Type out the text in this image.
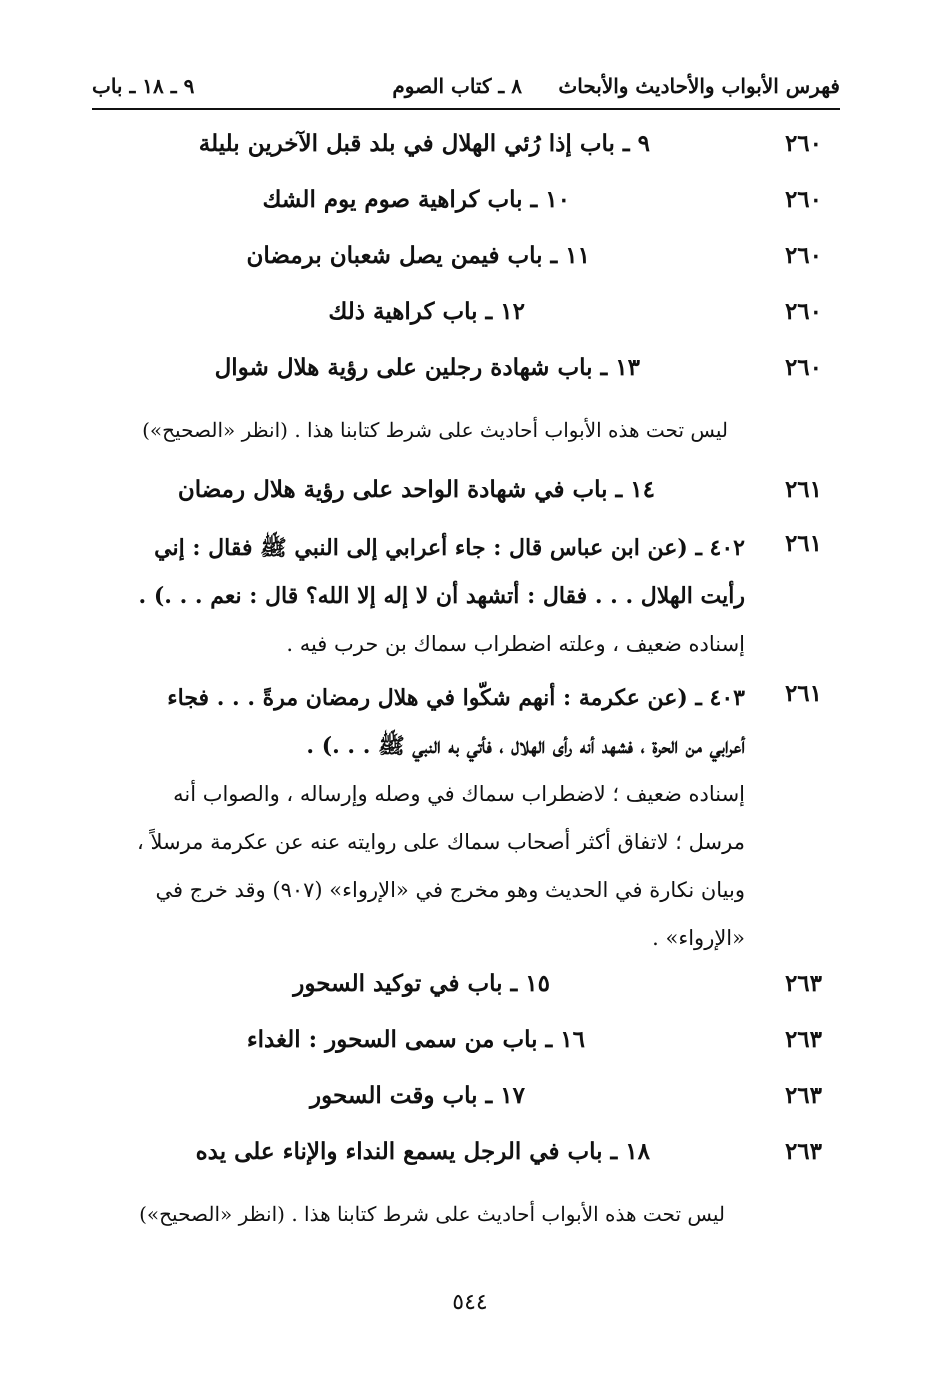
فهرس الأبواب والأحاديث والأبحاث
٨ ـ كتاب الصوم
٩ ـ ١٨ ـ باب
٢٦٠
٩ ـ باب إذا رُئي الهلال في بلد قبل الآخرين بليلة
٢٦٠
١٠ ـ باب كراهية صوم يوم الشك
٢٦٠
١١ ـ باب فيمن يصل شعبان برمضان
٢٦٠
١٢ ـ باب كراهية ذلك
٢٦٠
١٣ ـ باب شهادة رجلين على رؤية هلال شوال
ليس تحت هذه الأبواب أحاديث على شرط كتابنا هذا . (انظر «الصحيح»)
٢٦١
١٤ ـ باب في شهادة الواحد على رؤية هلال رمضان
٢٦١

٤٠٢ ـ (عن ابن عباس قال : جاء أعرابي إلى النبي ﷺ فقال : إني

رأيت الهلال . . . فقال : أتشهد أن لا إله إلا الله؟ قال : نعم . . .) .

إسناده ضعيف ، وعلته اضطراب سماك بن حرب فيه .

٢٦١

٤٠٣ ـ (عن عكرمة : أنهم شكّوا في هلال رمضان مرةً . . . فجاء

أعرابي من الحرة ، فشهد أنه رأى الهلال ، فأتي به النبي ﷺ . . .) .

إسناده ضعيف ؛ لاضطراب سماك في وصله وإرساله ، والصواب أنه

مرسل ؛ لاتفاق أكثر أصحاب سماك على روايته عنه عن عكرمة مرسلاً ،

وبيان نكارة في الحديث وهو مخرج في «الإرواء» (٩٠٧) وقد خرج في

«الإرواء» .

٢٦٣
١٥ ـ باب في توكيد السحور
٢٦٣
١٦ ـ باب من سمى السحور : الغداء
٢٦٣
١٧ ـ باب وقت السحور
٢٦٣
١٨ ـ باب في الرجل يسمع النداء والإناء على يده
ليس تحت هذه الأبواب أحاديث على شرط كتابنا هذا . (انظر «الصحيح»)
٥٤٤
